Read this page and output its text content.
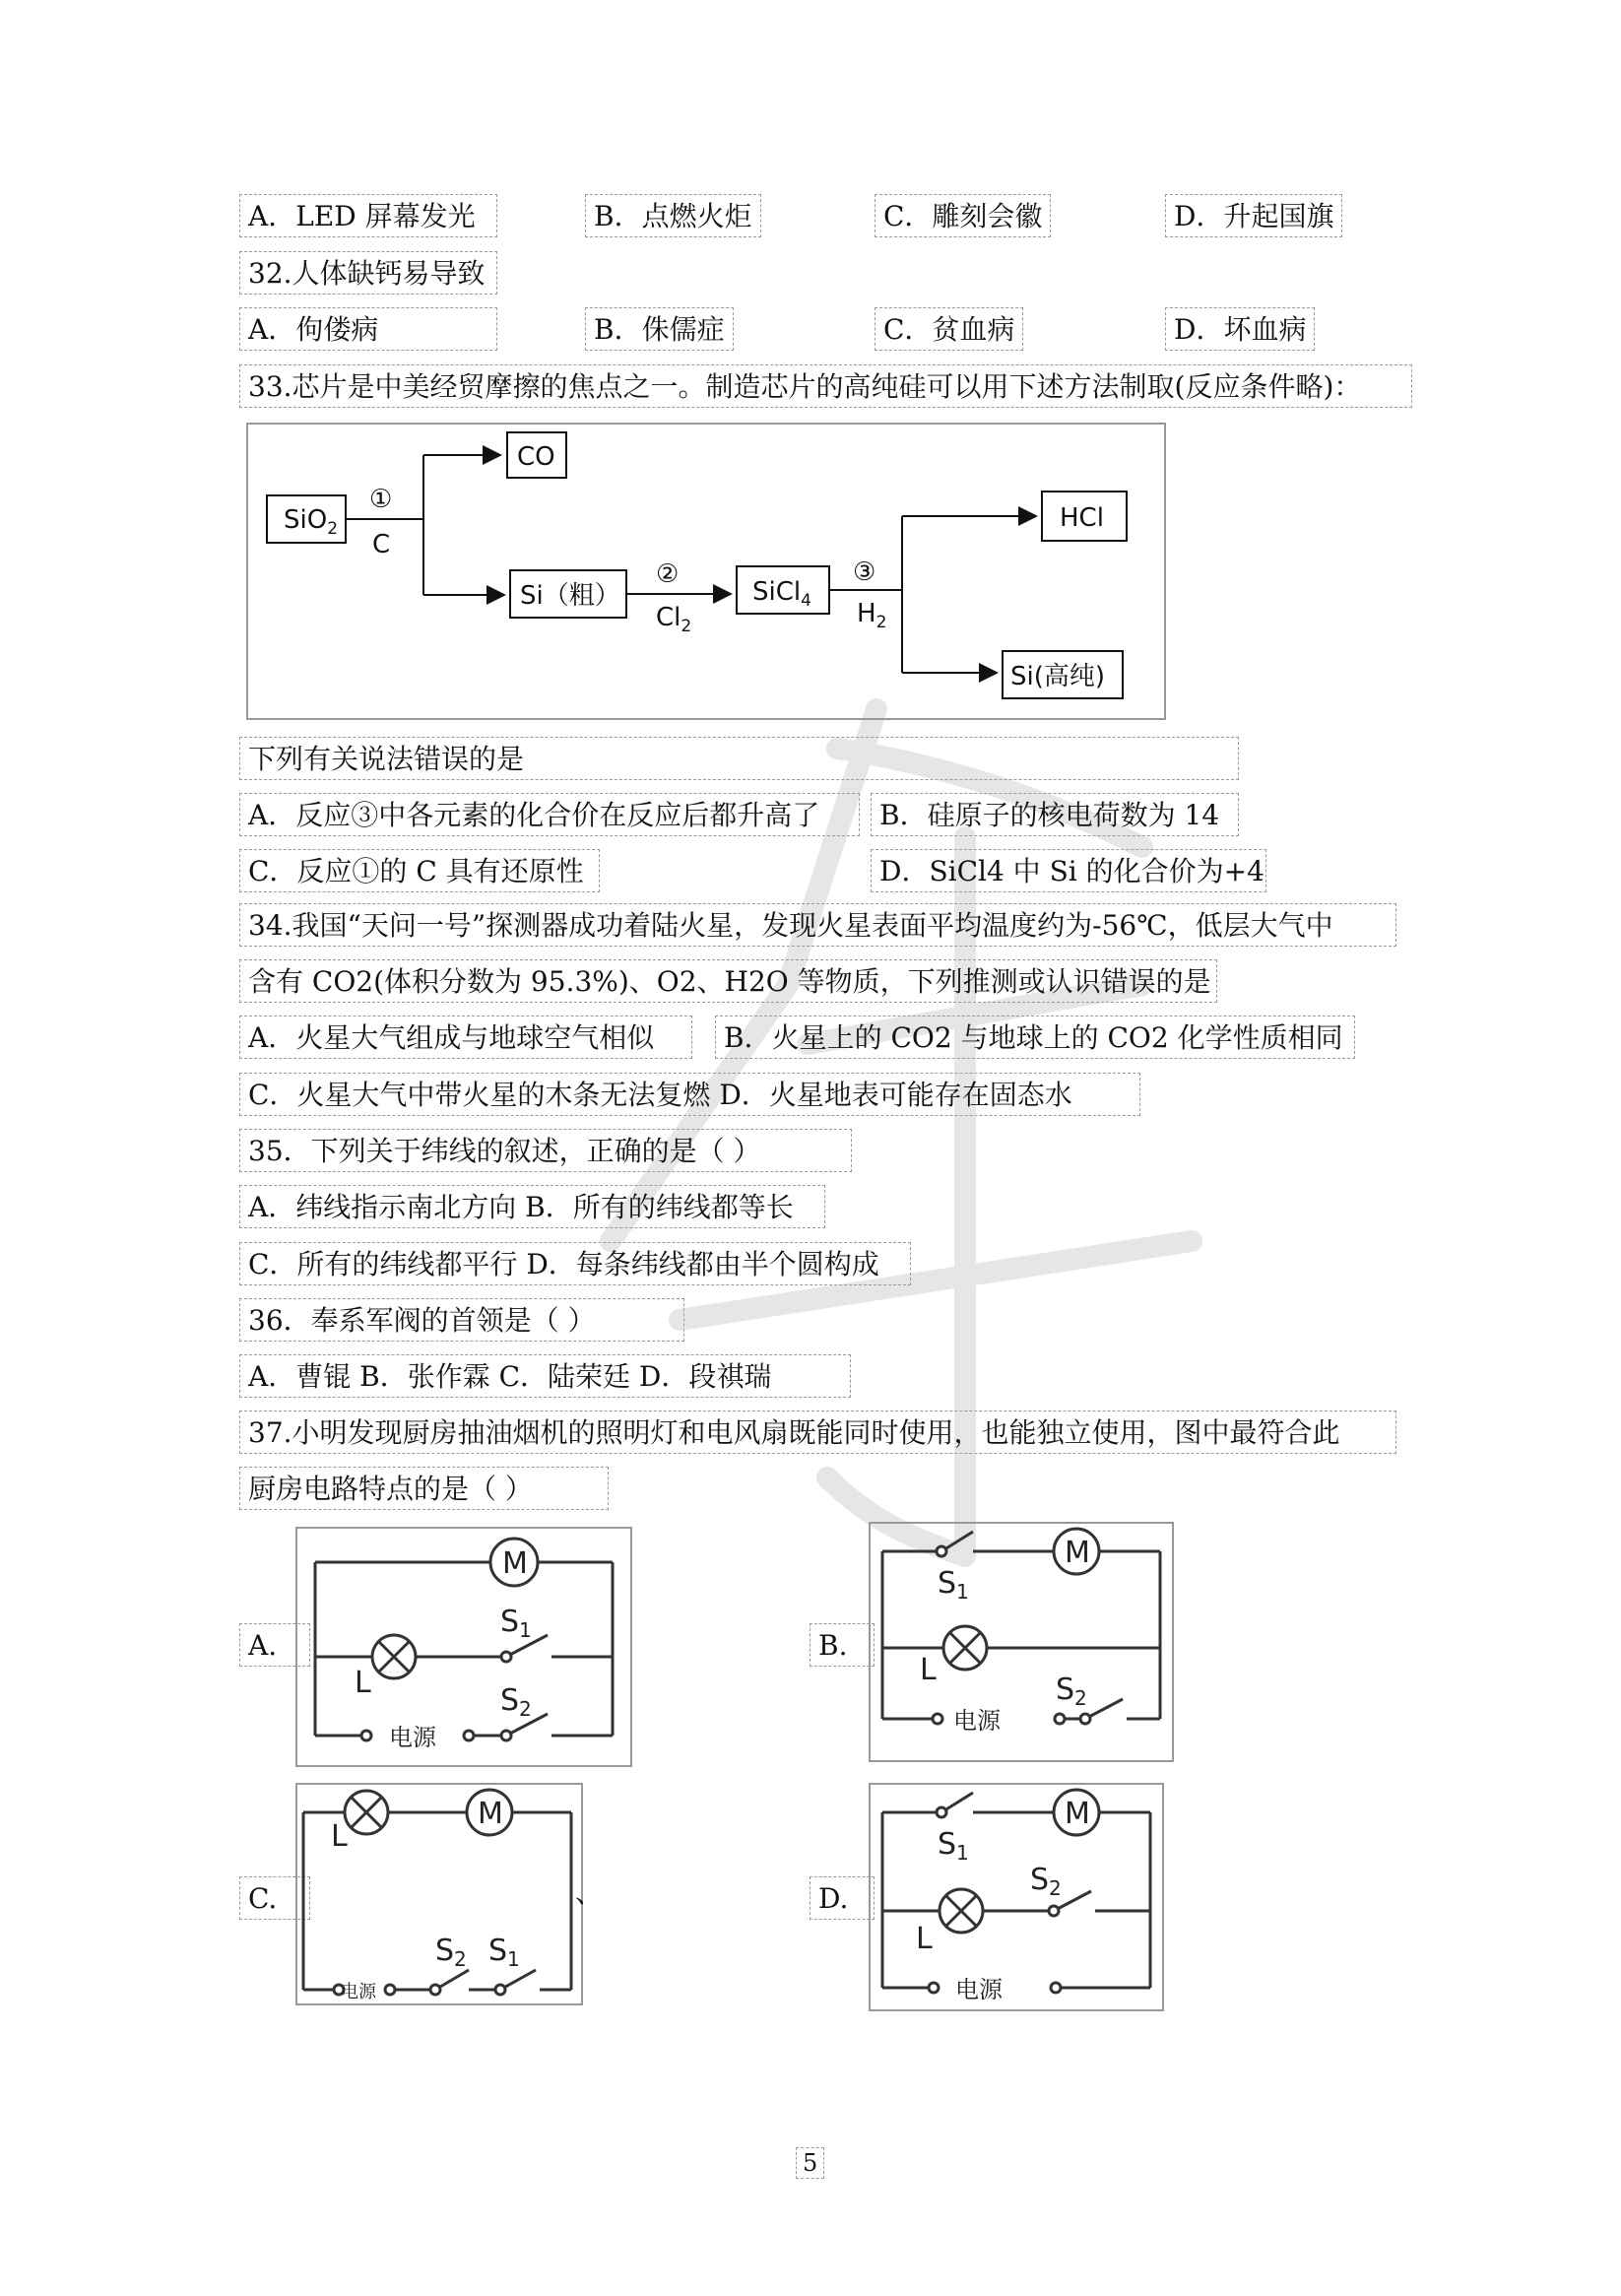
A．LED 屏幕发光	B．点燃火炬	C．雕刻会徽	D．升起国旗
32.人体缺钙易导致
A．佝偻病	B．侏儒症	C．贫血病	D．坏血病
33.芯片是中美经贸摩擦的焦点之一。制造芯片的高纯硅可以用下述方法制取(反应条件略)：
SiO$_2$
①
C
CO
Si（粗）
②
$Cl_2$
SiCl$_4$
③
$H_2$
HCl
Si(高纯)
下列有关说法错误的是
A．反应③中各元素的化合价在反应后都升高了	B．硅原子的核电荷数为 14
C．反应①的 C 具有还原性	D．SiCl4 中 Si 的化合价为+4
34.我国“天问一号”探测器成功着陆火星，发现火星表面平均温度约为-56℃，低层大气中
含有 CO2(体积分数为 95.3%)、O2、H2O 等物质，下列推测或认识错误的是
A．火星大气组成与地球空气相似	B．火星上的 CO2 与地球上的 CO2 化学性质相同
C．火星大气中带火星的木条无法复燃 D．火星地表可能存在固态水
35．下列关于纬线的叙述，正确的是（ ）
A．纬线指示南北方向 B．所有的纬线都等长
C．所有的纬线都平行 D．每条纬线都由半个圆构成
36．奉系军阀的首领是（ ）
A．曹锟 B．张作霖 C．陆荣廷 D．段祺瑞
37.小明发现厨房抽油烟机的照明灯和电风扇既能同时使用，也能独立使用，图中最符合此
厨房电路特点的是（ ）
A.	B.
C.	D.
M
L
$S_1$
$S_2$
电源
M
$S_1$
L
$S_2$
电源
M
L
$S_2$ $S_1$
电源
、
M
$S_1$
$S_2$
L
电源
5
